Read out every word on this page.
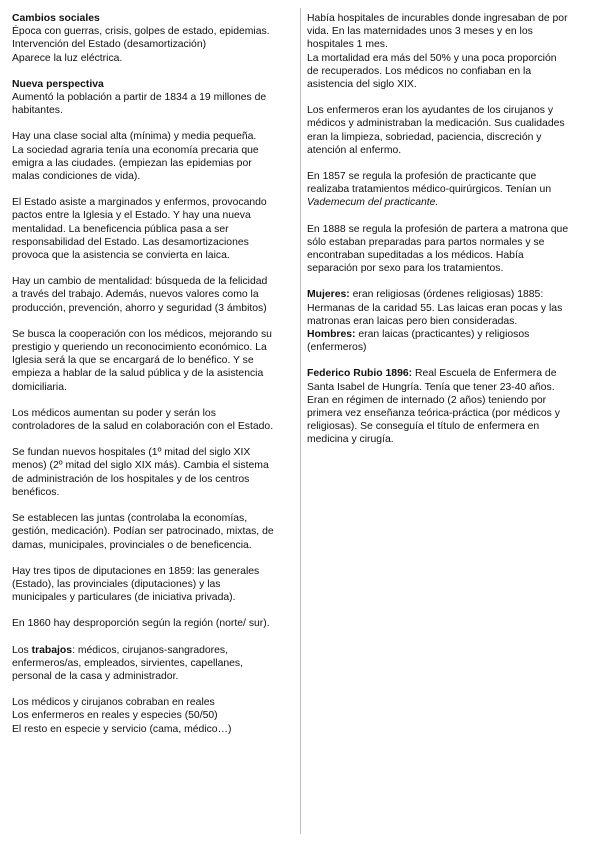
Cambios sociales
Época con guerras, crisis, golpes de estado, epidemias.
Intervención del Estado (desamortización)
Aparece la luz eléctrica.

Nueva perspectiva
Aumentó la población a partir de 1834 a 19 millones de
habitantes.

Hay una clase social alta (mínima) y media pequeña.
La sociedad agraria tenía una economía precaria que
emigra a las ciudades. (empiezan las epidemias por
malas condiciones de vida).

El Estado asiste a marginados y enfermos, provocando
pactos entre la Iglesia y el Estado. Y hay una nueva
mentalidad. La beneficencia pública pasa a ser
responsabilidad del Estado. Las desamortizaciones
provoca que la asistencia se convierta en laica.

Hay un cambio de mentalidad: búsqueda de la felicidad
a través del trabajo. Además, nuevos valores como la
producción, prevención, ahorro y seguridad (3 ámbitos)

Se busca la cooperación con los médicos, mejorando su
prestigio y queriendo un reconocimiento económico. La
Iglesia será la que se encargará de lo benéfico. Y se
empieza a hablar de la salud pública y de la asistencia
domiciliaria.

Los médicos aumentan su poder y serán los
controladores de la salud en colaboración con el Estado.

Se fundan nuevos hospitales (1º mitad del siglo XIX
menos) (2º mitad del siglo XIX más). Cambia el sistema
de administración de los hospitales y de los centros
benéficos.

Se establecen las juntas (controlaba la economías,
gestión, medicación). Podían ser patrocinado, mixtas, de
damas, municipales, provinciales o de beneficencia.

Hay tres tipos de diputaciones en 1859: las generales
(Estado), las provinciales (diputaciones) y las
municipales y particulares (de iniciativa privada).

En 1860 hay desproporción según la región (norte/ sur).

Los trabajos: médicos, cirujanos-sangradores,
enfermeros/as, empleados, sirvientes, capellanes,
personal de la casa y administrador.

Los médicos y cirujanos cobraban en reales
Los enfermeros en reales y especies (50/50)
El resto en especie y servicio (cama, médico…)

Había hospitales de incurables donde ingresaban de por
vida. En las maternidades unos 3 meses y en los
hospitales 1 mes.
La mortalidad era más del 50% y una poca proporción
de recuperados. Los médicos no confiaban en la
asistencia del siglo XIX.

Los enfermeros eran los ayudantes de los cirujanos y
médicos y administraban la medicación. Sus cualidades
eran la limpieza, sobriedad, paciencia, discreción y
atención al enfermo.

En 1857 se regula la profesión de practicante que
realizaba tratamientos médico-quirúrgicos. Tenían un
Vademecum del practicante.

En 1888 se regula la profesión de partera a matrona que
sólo estaban preparadas para partos normales y se
encontraban supeditadas a los médicos. Había
separación por sexo para los tratamientos.

Mujeres: eran religiosas (órdenes religiosas) 1885:
Hermanas de la caridad 55. Las laicas eran pocas y las
matronas eran laicas pero bien consideradas.
Hombres: eran laicas (practicantes) y religiosos
(enfermeros)

Federico Rubio 1896: Real Escuela de Enfermera de
Santa Isabel de Hungría. Tenía que tener 23-40 años.
Eran en régimen de internado (2 años) teniendo por
primera vez enseñanza teórica-práctica (por médicos y
religiosas). Se conseguía el título de enfermera en
medicina y cirugía.
